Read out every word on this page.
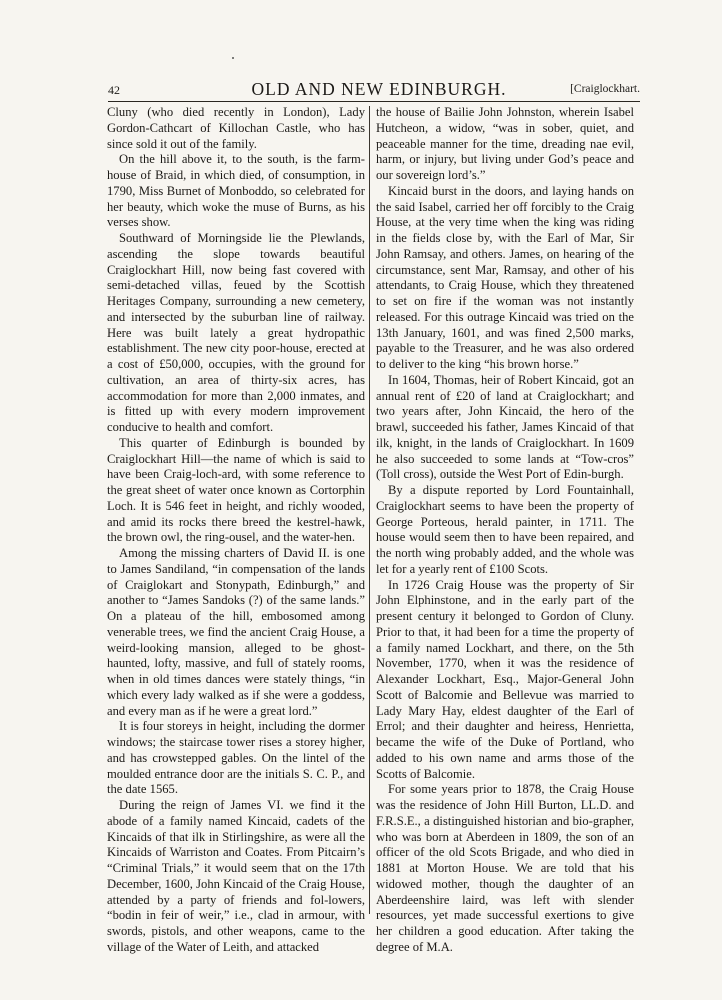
42	OLD AND NEW EDINBURGH.	[Craiglockhart.

Cluny (who died recently in London), Lady Gordon-Cathcart of Killochan Castle, who has since sold it out of the family.

On the hill above it, to the south, is the farm-house of Braid, in which died, of consumption, in 1790, Miss Burnet of Monboddo, so celebrated for her beauty, which woke the muse of Burns, as his verses show.

Southward of Morningside lie the Plewlands, ascending the slope towards beautiful Craiglockhart Hill, now being fast covered with semi-detached villas, feued by the Scottish Heritages Company, surrounding a new cemetery, and intersected by the suburban line of railway. Here was built lately a great hydropathic establishment. The new city poor-house, erected at a cost of £50,000, occupies, with the ground for cultivation, an area of thirty-six acres, has accommodation for more than 2,000 inmates, and is fitted up with every modern improvement conducive to health and comfort.

This quarter of Edinburgh is bounded by Craiglockhart Hill—the name of which is said to have been Craig-loch-ard, with some reference to the great sheet of water once known as Cortorphin Loch. It is 546 feet in height, and richly wooded, and amid its rocks there breed the kestrel-hawk, the brown owl, the ring-ousel, and the water-hen.

Among the missing charters of David II. is one to James Sandiland, “in compensation of the lands of Craiglokart and Stonypath, Edinburgh,” and another to “James Sandoks (?) of the same lands.” On a plateau of the hill, embosomed among venerable trees, we find the ancient Craig House, a weird-looking mansion, alleged to be ghost-haunted, lofty, massive, and full of stately rooms, when in old times dances were stately things, “in which every lady walked as if she were a goddess, and every man as if he were a great lord.”

It is four storeys in height, including the dormer windows; the staircase tower rises a storey higher, and has crowstepped gables. On the lintel of the moulded entrance door are the initials S. C. P., and the date 1565.

During the reign of James VI. we find it the abode of a family named Kincaid, cadets of the Kincaids of that ilk in Stirlingshire, as were all the Kincaids of Warriston and Coates. From Pitcairn’s “Criminal Trials,” it would seem that on the 17th December, 1600, John Kincaid of the Craig House, attended by a party of friends and fol-lowers, “bodin in feir of weir,” i.e., clad in armour, with swords, pistols, and other weapons, came to the village of the Water of Leith, and attacked

the house of Bailie John Johnston, wherein Isabel Hutcheon, a widow, “was in sober, quiet, and peaceable manner for the time, dreading nae evil, harm, or injury, but living under God’s peace and our sovereign lord’s.”

Kincaid burst in the doors, and laying hands on the said Isabel, carried her off forcibly to the Craig House, at the very time when the king was riding in the fields close by, with the Earl of Mar, Sir John Ramsay, and others. James, on hearing of the circumstance, sent Mar, Ramsay, and other of his attendants, to Craig House, which they threatened to set on fire if the woman was not instantly released. For this outrage Kincaid was tried on the 13th January, 1601, and was fined 2,500 marks, payable to the Treasurer, and he was also ordered to deliver to the king “his brown horse.”

In 1604, Thomas, heir of Robert Kincaid, got an annual rent of £20 of land at Craiglockhart; and two years after, John Kincaid, the hero of the brawl, succeeded his father, James Kincaid of that ilk, knight, in the lands of Craiglockhart. In 1609 he also succeeded to some lands at “Tow-cros” (Toll cross), outside the West Port of Edin-burgh.

By a dispute reported by Lord Fountainhall, Craiglockhart seems to have been the property of George Porteous, herald painter, in 1711. The house would seem then to have been repaired, and the north wing probably added, and the whole was let for a yearly rent of £100 Scots.

In 1726 Craig House was the property of Sir John Elphinstone, and in the early part of the present century it belonged to Gordon of Cluny. Prior to that, it had been for a time the property of a family named Lockhart, and there, on the 5th November, 1770, when it was the residence of Alexander Lockhart, Esq., Major-General John Scott of Balcomie and Bellevue was married to Lady Mary Hay, eldest daughter of the Earl of Errol; and their daughter and heiress, Henrietta, became the wife of the Duke of Portland, who added to his own name and arms those of the Scotts of Balcomie.

For some years prior to 1878, the Craig House was the residence of John Hill Burton, LL.D. and F.R.S.E., a distinguished historian and bio-grapher, who was born at Aberdeen in 1809, the son of an officer of the old Scots Brigade, and who died in 1881 at Morton House. We are told that his widowed mother, though the daughter of an Aberdeenshire laird, was left with slender resources, yet made successful exertions to give her children a good education. After taking the degree of M.A.
